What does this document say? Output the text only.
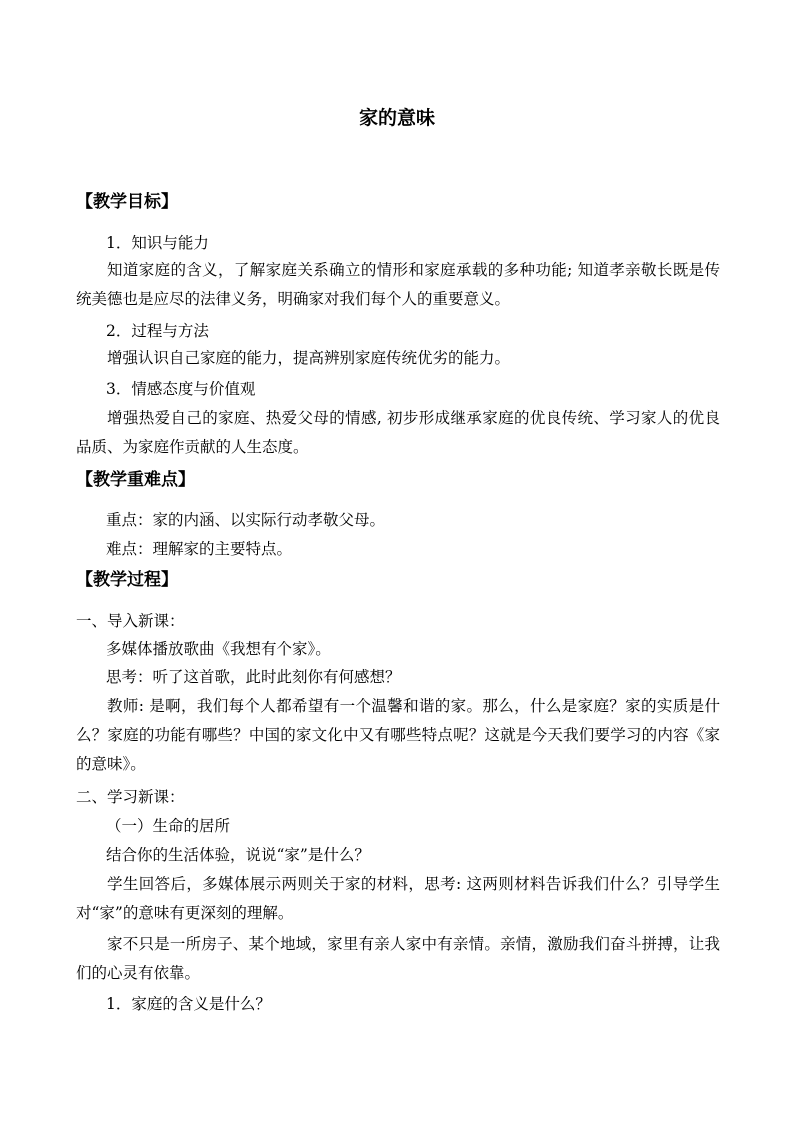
家的意味
【教学目标】
1．知识与能力
知道家庭的含义，了解家庭关系确立的情形和家庭承载的多种功能; 知道孝亲敬长既是传统美德也是应尽的法律义务，明确家对我们每个人的重要意义。
2．过程与方法
增强认识自己家庭的能力，提高辨别家庭传统优劣的能力。
3．情感态度与价值观
增强热爱自己的家庭、热爱父母的情感, 初步形成继承家庭的优良传统、学习家人的优良品质、为家庭作贡献的人生态度。
【教学重难点】
重点：家的内涵、以实际行动孝敬父母。
难点：理解家的主要特点。
【教学过程】
一、导入新课：
多媒体播放歌曲《我想有个家》。
思考：听了这首歌，此时此刻你有何感想？
教师: 是啊，我们每个人都希望有一个温馨和谐的家。那么，什么是家庭？家的实质是什么？家庭的功能有哪些？中国的家文化中又有哪些特点呢？这就是今天我们要学习的内容《家的意味》。
二、学习新课：
（一）生命的居所
结合你的生活体验，说说“家”是什么？
学生回答后，多媒体展示两则关于家的材料，思考: 这两则材料告诉我们什么？引导学生对“家”的意味有更深刻的理解。
家不只是一所房子、某个地域，家里有亲人家中有亲情。亲情，激励我们奋斗拼搏，让我们的心灵有依靠。
1．家庭的含义是什么？
